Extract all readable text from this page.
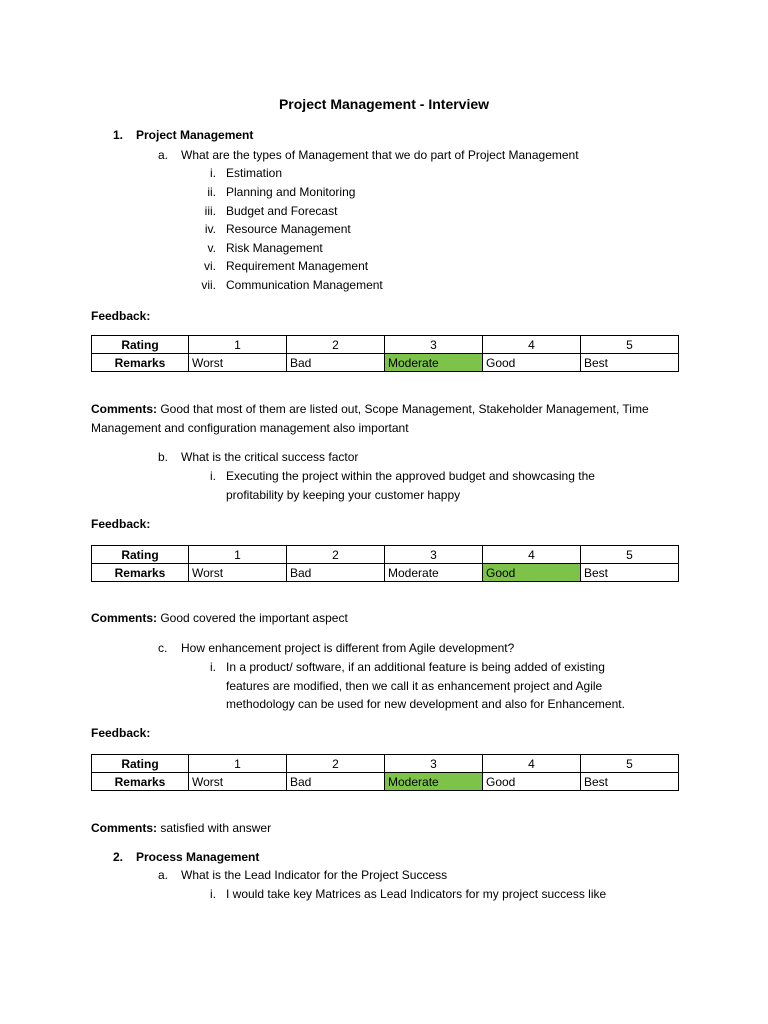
Project Management - Interview
1. Project Management
a. What are the types of Management that we do part of Project Management
i. Estimation
ii. Planning and Monitoring
iii. Budget and Forecast
iv. Resource Management
v. Risk Management
vi. Requirement Management
vii. Communication Management
Feedback:
Rating	1	2	3	4	5
Remarks	Worst	Bad	Moderate	Good	Best
Comments: Good that most of them are listed out, Scope Management, Stakeholder Management, Time
Management and configuration management also important
b. What is the critical success factor
i. Executing the project within the approved budget and showcasing the
profitability by keeping your customer happy
Feedback:
Rating	1	2	3	4	5
Remarks	Worst	Bad	Moderate	Good	Best
Comments: Good covered the important aspect
c. How enhancement project is different from Agile development?
i. In a product/ software, if an additional feature is being added of existing
features are modified, then we call it as enhancement project and Agile
methodology can be used for new development and also for Enhancement.
Feedback:
Rating	1	2	3	4	5
Remarks	Worst	Bad	Moderate	Good	Best
Comments: satisfied with answer
2. Process Management
a. What is the Lead Indicator for the Project Success
i. I would take key Matrices as Lead Indicators for my project success like
